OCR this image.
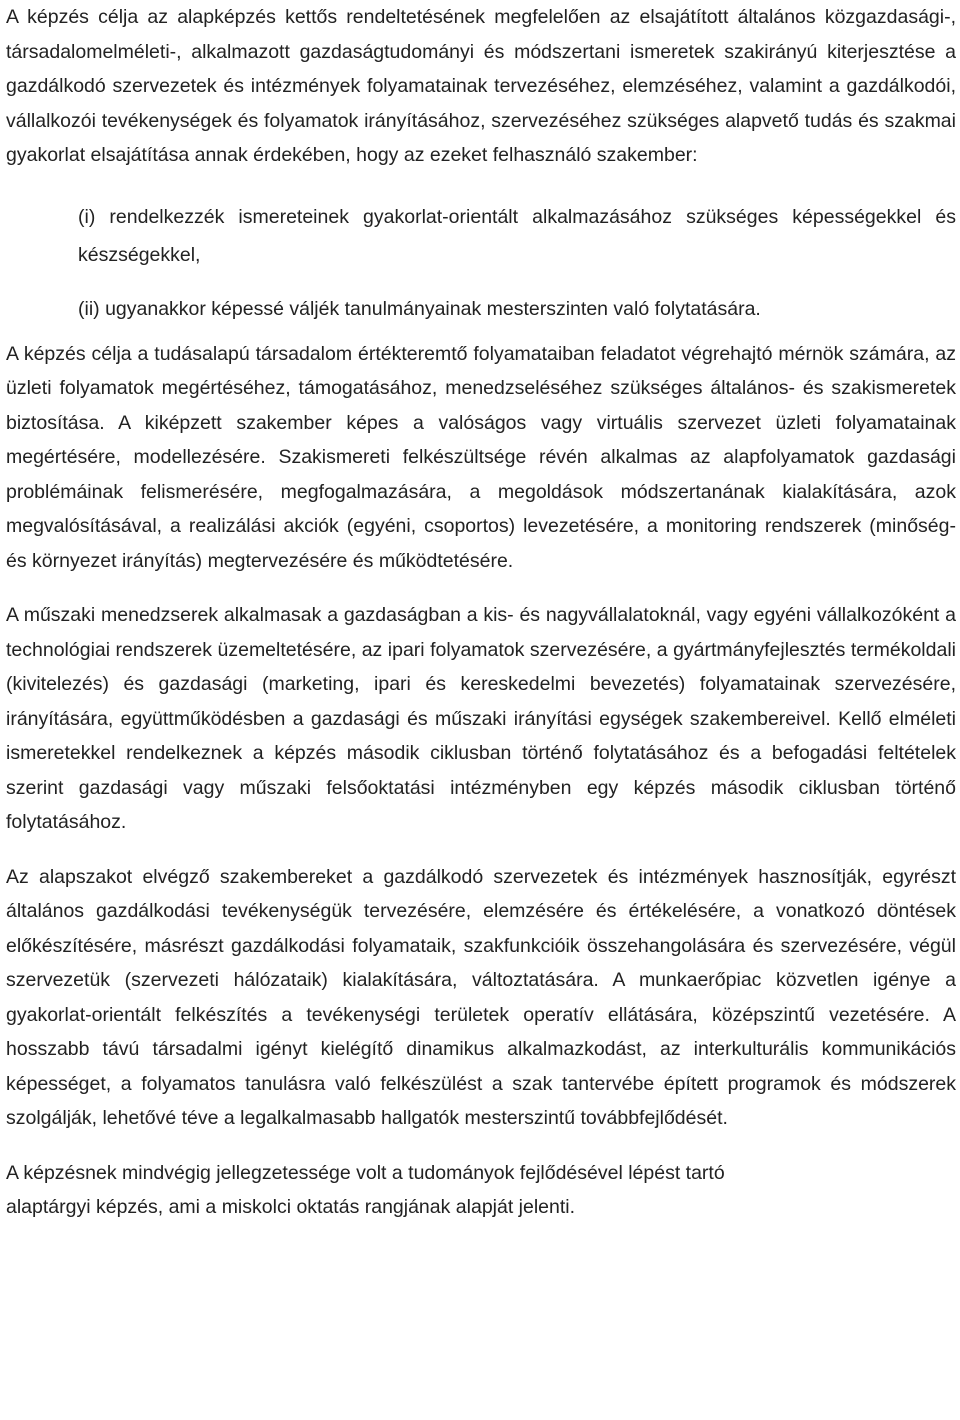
A képzés célja az alapképzés kettős rendeltetésének megfelelően az elsajátított általános közgazdasági-, társadalomelméleti-, alkalmazott gazdaságtudományi és módszertani ismeretek szakirányú kiterjesztése a gazdálkodó szervezetek és intézmények folyamatainak tervezéséhez, elemzéséhez, valamint a gazdálkodói, vállalkozói tevékenységek és folyamatok irányításához, szervezéséhez szükséges alapvető tudás és szakmai gyakorlat elsajátítása annak érdekében, hogy az ezeket felhasználó szakember:

(i) rendelkezzék ismereteinek gyakorlat-orientált alkalmazásához szükséges képességekkel és készségekkel,

(ii) ugyanakkor képessé váljék tanulmányainak mesterszinten való folytatására.

A képzés célja a tudásalapú társadalom értékteremtő folyamataiban feladatot végrehajtó mérnök számára, az üzleti folyamatok megértéséhez, támogatásához, menedzseléséhez szükséges általános- és szakismeretek biztosítása. A kiképzett szakember képes a valóságos vagy virtuális szervezet üzleti folyamatainak megértésére, modellezésére. Szakismereti felkészültsége révén alkalmas az alapfolyamatok gazdasági problémáinak felismerésére, megfogalmazására, a megoldások módszertanának kialakítására, azok megvalósításával, a realizálási akciók (egyéni, csoportos) levezetésére, a monitoring rendszerek (minőség- és környezet irányítás) megtervezésére és működtetésére.

A műszaki menedzserek alkalmasak a gazdaságban a kis- és nagyvállalatoknál, vagy egyéni vállalkozóként a technológiai rendszerek üzemeltetésére, az ipari folyamatok szervezésére, a gyártmányfejlesztés termékoldali (kivitelezés) és gazdasági (marketing, ipari és kereskedelmi bevezetés) folyamatainak szervezésére, irányítására, együttműködésben a gazdasági és műszaki irányítási egységek szakembereivel. Kellő elméleti ismeretekkel rendelkeznek a képzés második ciklusban történő folytatásához és a befogadási feltételek szerint gazdasági vagy műszaki felsőoktatási intézményben egy képzés második ciklusban történő folytatásához.

Az alapszakot elvégző szakembereket a gazdálkodó szervezetek és intézmények hasznosítják, egyrészt általános gazdálkodási tevékenységük tervezésére, elemzésére és értékelésére, a vonatkozó döntések előkészítésére, másrészt gazdálkodási folyamataik, szakfunkcióik összehangolására és szervezésére, végül szervezetük (szervezeti hálózataik) kialakítására, változtatására. A munkaerőpiac közvetlen igénye a gyakorlat-orientált felkészítés a tevékenységi területek operatív ellátására, középszintű vezetésére. A hosszabb távú társadalmi igényt kielégítő dinamikus alkalmazkodást, az interkulturális kommunikációs képességet, a folyamatos tanulásra való felkészülést a szak tantervébe épített programok és módszerek szolgálják, lehetővé téve a legalkalmasabb hallgatók mesterszintű továbbfejlődését.

A képzésnek mindvégig jellegzetessége volt a tudományok fejlődésével lépést tartó
alaptárgyi képzés, ami a miskolci oktatás rangjának alapját jelenti.
